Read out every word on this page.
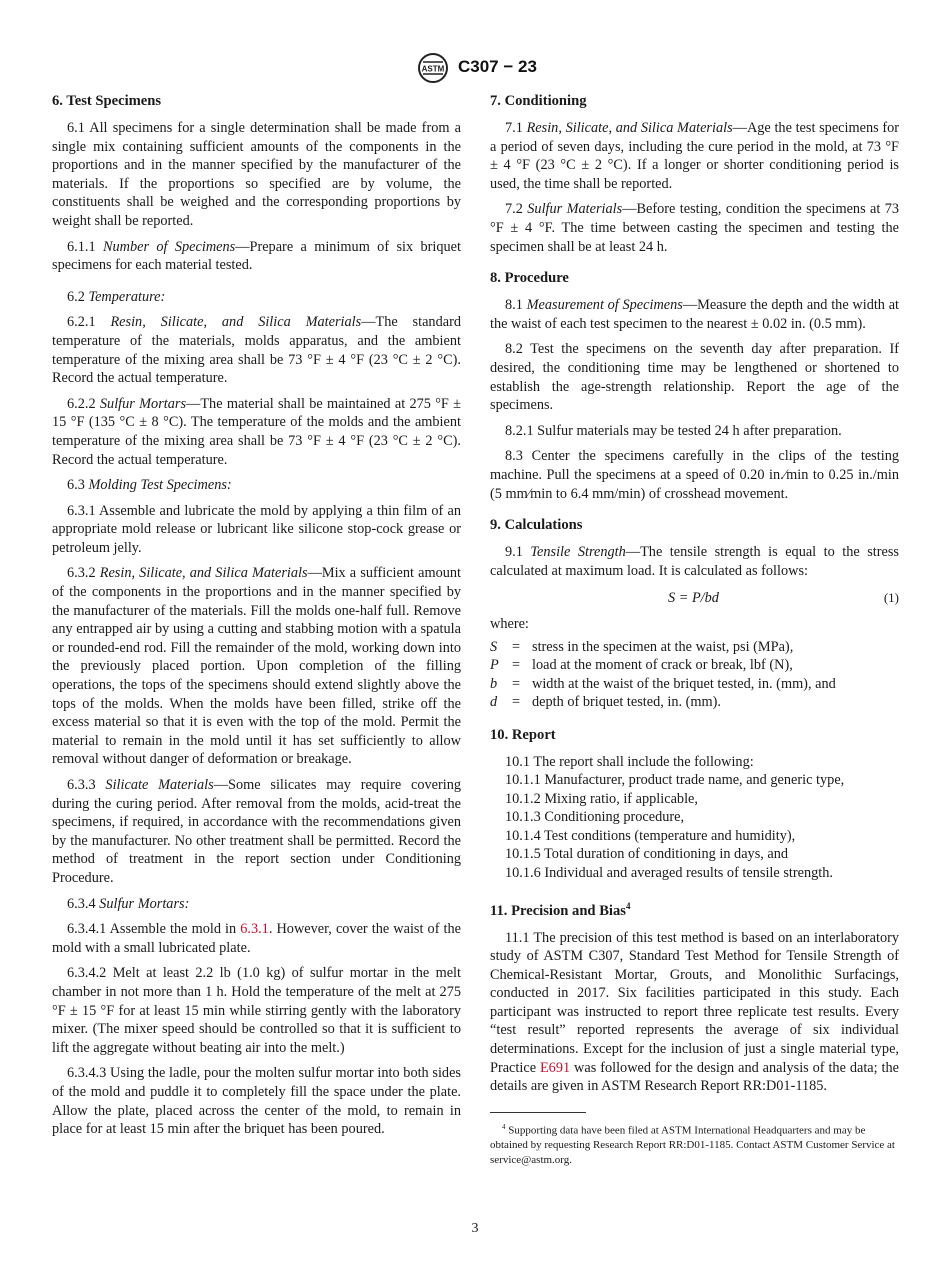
ASTM C307 − 23
6. Test Specimens

6.1 All specimens for a single determination shall be made from a single mix containing sufficient amounts of the components in the proportions and in the manner specified by the manufacturer of the materials. If the proportions so specified are by volume, the constituents shall be weighed and the corresponding proportions by weight shall be reported.

6.1.1 Number of Specimens—Prepare a minimum of six briquet specimens for each material tested.

6.2 Temperature:

6.2.1 Resin, Silicate, and Silica Materials—The standard temperature of the materials, molds apparatus, and the ambient temperature of the mixing area shall be 73 °F ± 4 °F (23 °C ± 2 °C). Record the actual temperature.

6.2.2 Sulfur Mortars—The material shall be maintained at 275 °F ± 15 °F (135 °C ± 8 °C). The temperature of the molds and the ambient temperature of the mixing area shall be 73 °F ± 4 °F (23 °C ± 2 °C). Record the actual temperature.

6.3 Molding Test Specimens:

6.3.1 Assemble and lubricate the mold by applying a thin film of an appropriate mold release or lubricant like silicone stop-cock grease or petroleum jelly.

6.3.2 Resin, Silicate, and Silica Materials—Mix a sufficient amount of the components in the proportions and in the manner specified by the manufacturer of the materials. Fill the molds one-half full. Remove any entrapped air by using a cutting and stabbing motion with a spatula or rounded-end rod. Fill the remainder of the mold, working down into the previously placed portion. Upon completion of the filling operations, the tops of the specimens should extend slightly above the tops of the molds. When the molds have been filled, strike off the excess material so that it is even with the top of the mold. Permit the material to remain in the mold until it has set sufficiently to allow removal without danger of deformation or breakage.

6.3.3 Silicate Materials—Some silicates may require covering during the curing period. After removal from the molds, acid-treat the specimens, if required, in accordance with the recommendations given by the manufacturer. No other treatment shall be permitted. Record the method of treatment in the report section under Conditioning Procedure.

6.3.4 Sulfur Mortars:

6.3.4.1 Assemble the mold in 6.3.1. However, cover the waist of the mold with a small lubricated plate.

6.3.4.2 Melt at least 2.2 lb (1.0 kg) of sulfur mortar in the melt chamber in not more than 1 h. Hold the temperature of the melt at 275 °F ± 15 °F for at least 15 min while stirring gently with the laboratory mixer. (The mixer speed should be controlled so that it is sufficient to lift the aggregate without beating air into the melt.)

6.3.4.3 Using the ladle, pour the molten sulfur mortar into both sides of the mold and puddle it to completely fill the space under the plate. Allow the plate, placed across the center of the mold, to remain in place for at least 15 min after the briquet has been poured.

7. Conditioning

7.1 Resin, Silicate, and Silica Materials—Age the test specimens for a period of seven days, including the cure period in the mold, at 73 °F ± 4 °F (23 °C ± 2 °C). If a longer or shorter conditioning period is used, the time shall be reported.

7.2 Sulfur Materials—Before testing, condition the specimens at 73 °F ± 4 °F. The time between casting the specimen and testing the specimen shall be at least 24 h.

8. Procedure

8.1 Measurement of Specimens—Measure the depth and the width at the waist of each test specimen to the nearest ± 0.02 in. (0.5 mm).

8.2 Test the specimens on the seventh day after preparation. If desired, the conditioning time may be lengthened or shortened to establish the age-strength relationship. Report the age of the specimens.

8.2.1 Sulfur materials may be tested 24 h after preparation.

8.3 Center the specimens carefully in the clips of the testing machine. Pull the specimens at a speed of 0.20 in.⁄min to 0.25 in./min (5 mm⁄min to 6.4 mm/min) of crosshead movement.

9. Calculations

9.1 Tensile Strength—The tensile strength is equal to the stress calculated at maximum load. It is calculated as follows:

S = P/bd	(1)

where:

S	= stress in the specimen at the waist, psi (MPa),
P = load at the moment of crack or break, lbf (N),
b	= width at the waist of the briquet tested, in. (mm), and
d	= depth of briquet tested, in. (mm).
10. Report
10.1 The report shall include the following:
10.1.1 Manufacturer, product trade name, and generic type,
10.1.2 Mixing ratio, if applicable,
10.1.3 Conditioning procedure,
10.1.4 Test conditions (temperature and humidity),
10.1.5 Total duration of conditioning in days, and
10.1.6 Individual and averaged results of tensile strength.
11. Precision and Bias$^4$

11.1 The precision of this test method is based on an interlaboratory study of ASTM C307, Standard Test Method for Tensile Strength of Chemical-Resistant Mortar, Grouts, and Monolithic Surfacings, conducted in 2017. Six facilities participated in this study. Each participant was instructed to report three replicate test results. Every “test result” reported represents the average of six individual determinations. Except for the inclusion of just a single material type, Practice E691 was followed for the design and analysis of the data; the details are given in ASTM Research Report RR:D01-1185.

$^4$ Supporting data have been filed at ASTM International Headquarters and may be obtained by requesting Research Report RR:D01-1185. Contact ASTM Customer Service at service@astm.org.
3
